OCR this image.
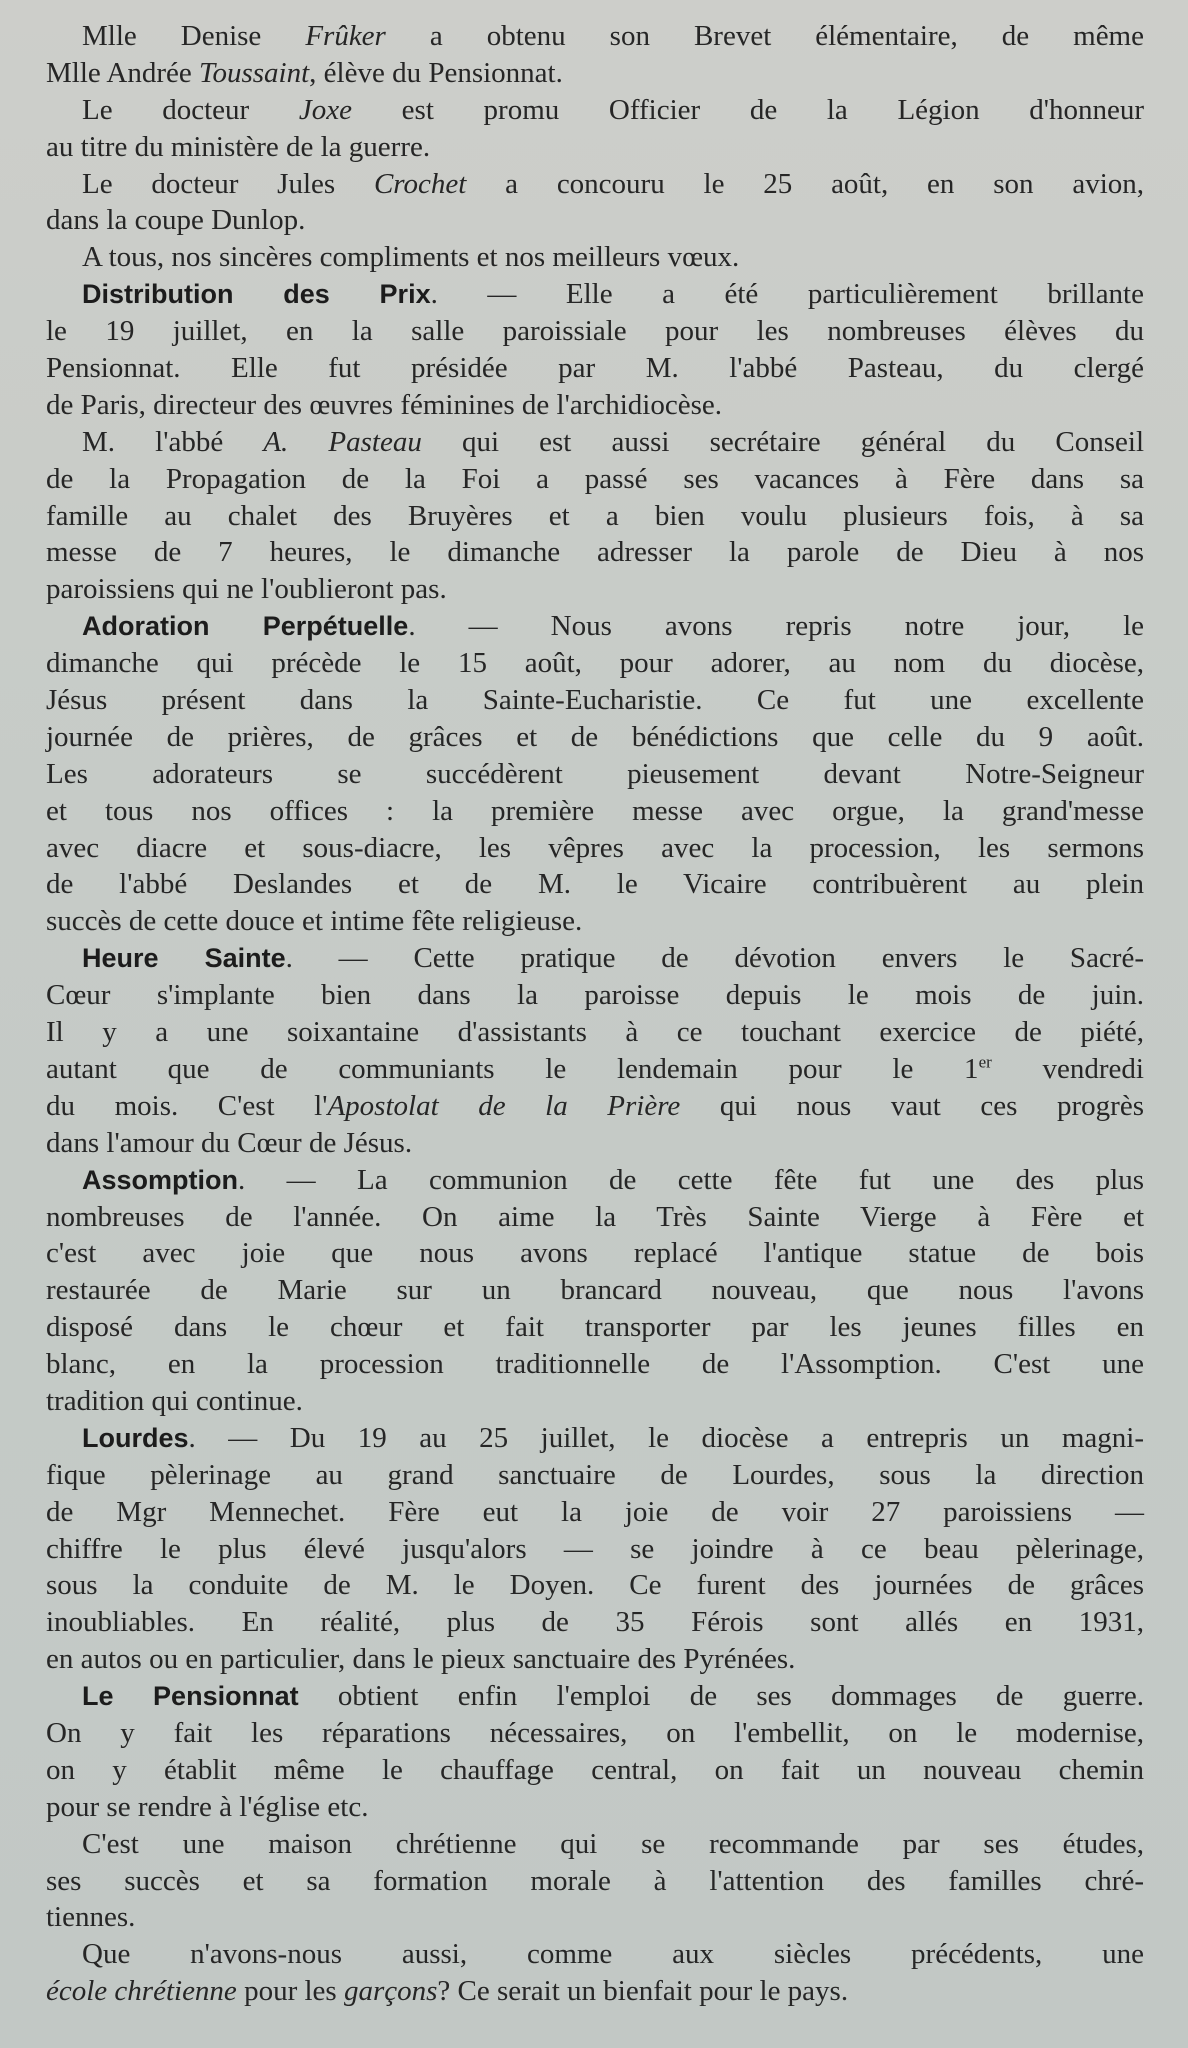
Mlle Denise Frûker a obtenu son Brevet élémentaire, de même
Mlle Andrée Toussaint, élève du Pensionnat.
Le docteur Joxe est promu Officier de la Légion d'honneur
au titre du ministère de la guerre.
Le docteur Jules Crochet a concouru le 25 août, en son avion,
dans la coupe Dunlop.
A tous, nos sincères compliments et nos meilleurs vœux.
Distribution des Prix. — Elle a été particulièrement brillante
le 19 juillet, en la salle paroissiale pour les nombreuses élèves du
Pensionnat. Elle fut présidée par M. l'abbé Pasteau, du clergé
de Paris, directeur des œuvres féminines de l'archidiocèse.
M. l'abbé A. Pasteau qui est aussi secrétaire général du Conseil
de la Propagation de la Foi a passé ses vacances à Fère dans sa
famille au chalet des Bruyères et a bien voulu plusieurs fois, à sa
messe de 7 heures, le dimanche adresser la parole de Dieu à nos
paroissiens qui ne l'oublieront pas.
Adoration Perpétuelle. — Nous avons repris notre jour, le
dimanche qui précède le 15 août, pour adorer, au nom du diocèse,
Jésus présent dans la Sainte-Eucharistie. Ce fut une excellente
journée de prières, de grâces et de bénédictions que celle du 9 août.
Les adorateurs se succédèrent pieusement devant Notre-Seigneur
et tous nos offices : la première messe avec orgue, la grand'messe
avec diacre et sous-diacre, les vêpres avec la procession, les sermons
de l'abbé Deslandes et de M. le Vicaire contribuèrent au plein
succès de cette douce et intime fête religieuse.
Heure Sainte. — Cette pratique de dévotion envers le Sacré-
Cœur s'implante bien dans la paroisse depuis le mois de juin.
Il y a une soixantaine d'assistants à ce touchant exercice de piété,
autant que de communiants le lendemain pour le 1er vendredi
du mois. C'est l'Apostolat de la Prière qui nous vaut ces progrès
dans l'amour du Cœur de Jésus.
Assomption. — La communion de cette fête fut une des plus
nombreuses de l'année. On aime la Très Sainte Vierge à Fère et
c'est avec joie que nous avons replacé l'antique statue de bois
restaurée de Marie sur un brancard nouveau, que nous l'avons
disposé dans le chœur et fait transporter par les jeunes filles en
blanc, en la procession traditionnelle de l'Assomption. C'est une
tradition qui continue.
Lourdes. — Du 19 au 25 juillet, le diocèse a entrepris un magni-
fique pèlerinage au grand sanctuaire de Lourdes, sous la direction
de Mgr Mennechet. Fère eut la joie de voir 27 paroissiens —
chiffre le plus élevé jusqu'alors — se joindre à ce beau pèlerinage,
sous la conduite de M. le Doyen. Ce furent des journées de grâces
inoubliables. En réalité, plus de 35 Férois sont allés en 1931,
en autos ou en particulier, dans le pieux sanctuaire des Pyrénées.
Le Pensionnat obtient enfin l'emploi de ses dommages de guerre.
On y fait les réparations nécessaires, on l'embellit, on le modernise,
on y établit même le chauffage central, on fait un nouveau chemin
pour se rendre à l'église etc.
C'est une maison chrétienne qui se recommande par ses études,
ses succès et sa formation morale à l'attention des familles chré-
tiennes.
Que n'avons-nous aussi, comme aux siècles précédents, une
école chrétienne pour les garçons? Ce serait un bienfait pour le pays.
